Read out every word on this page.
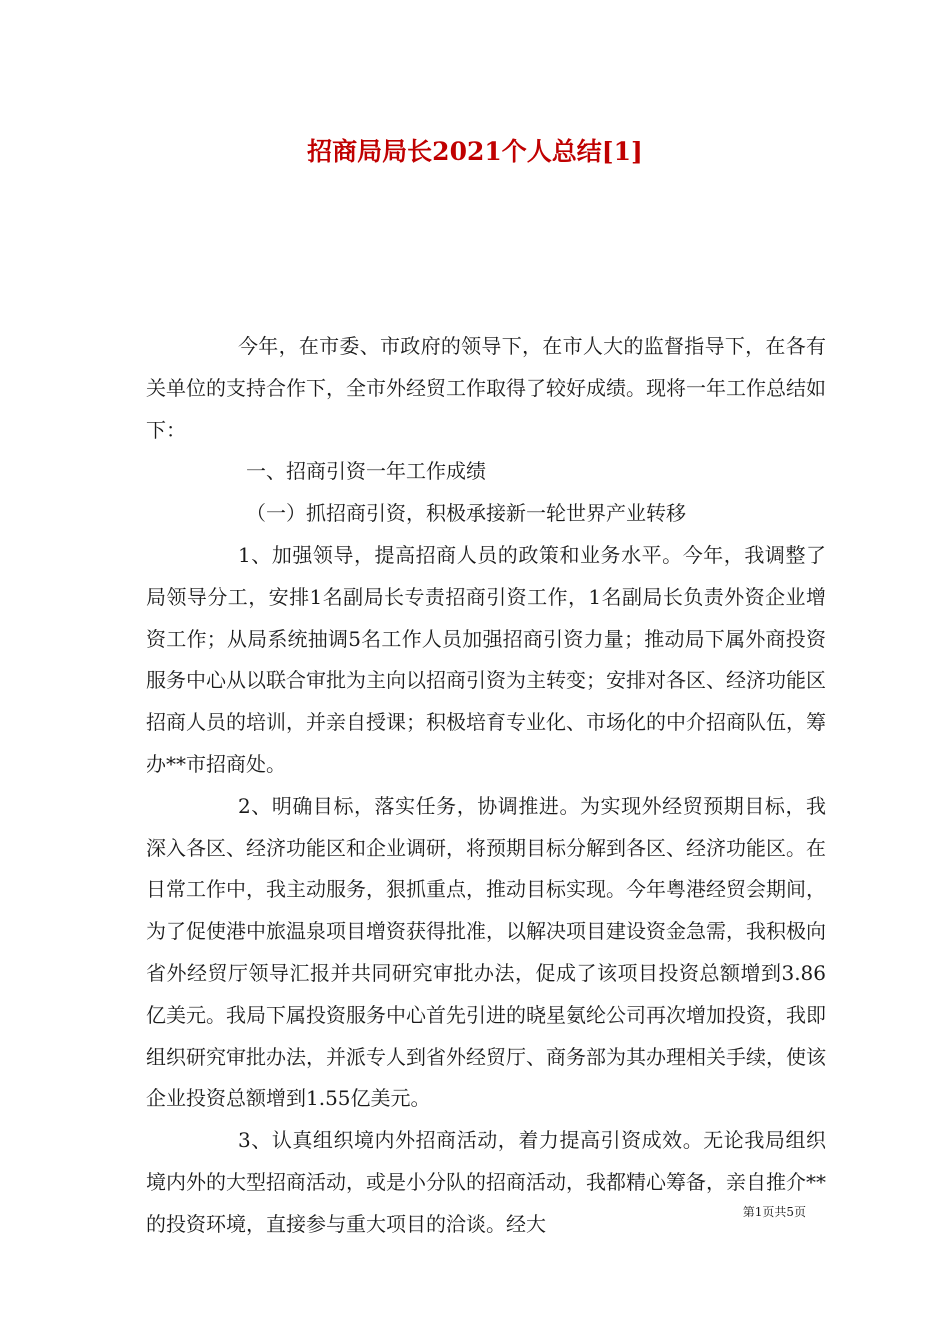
招商局局长2021个人总结[1]

今年，在市委、市政府的领导下，在市人大的监督指导下，在各有关单位的支持合作下，全市外经贸工作取得了较好成绩。现将一年工作总结如下：

一、招商引资一年工作成绩

（一）抓招商引资，积极承接新一轮世界产业转移

1、加强领导，提高招商人员的政策和业务水平。今年，我调整了局领导分工，安排1名副局长专责招商引资工作，1名副局长负责外资企业增资工作；从局系统抽调5名工作人员加强招商引资力量；推动局下属外商投资服务中心从以联合审批为主向以招商引资为主转变；安排对各区、经济功能区招商人员的培训，并亲自授课；积极培育专业化、市场化的中介招商队伍，筹办**市招商处。

2、明确目标，落实任务，协调推进。为实现外经贸预期目标，我深入各区、经济功能区和企业调研，将预期目标分解到各区、经济功能区。在日常工作中，我主动服务，狠抓重点，推动目标实现。今年粤港经贸会期间，为了促使港中旅温泉项目增资获得批准，以解决项目建设资金急需，我积极向省外经贸厅领导汇报并共同研究审批办法，促成了该项目投资总额增到3.86亿美元。我局下属投资服务中心首先引进的晓星氨纶公司再次增加投资，我即组织研究审批办法，并派专人到省外经贸厅、商务部为其办理相关手续，使该企业投资总额增到1.55亿美元。

3、认真组织境内外招商活动，着力提高引资成效。无论我局组织境内外的大型招商活动，或是小分队的招商活动，我都精心筹备，亲自推介**的投资环境，直接参与重大项目的洽谈。经大	第1页共5页
